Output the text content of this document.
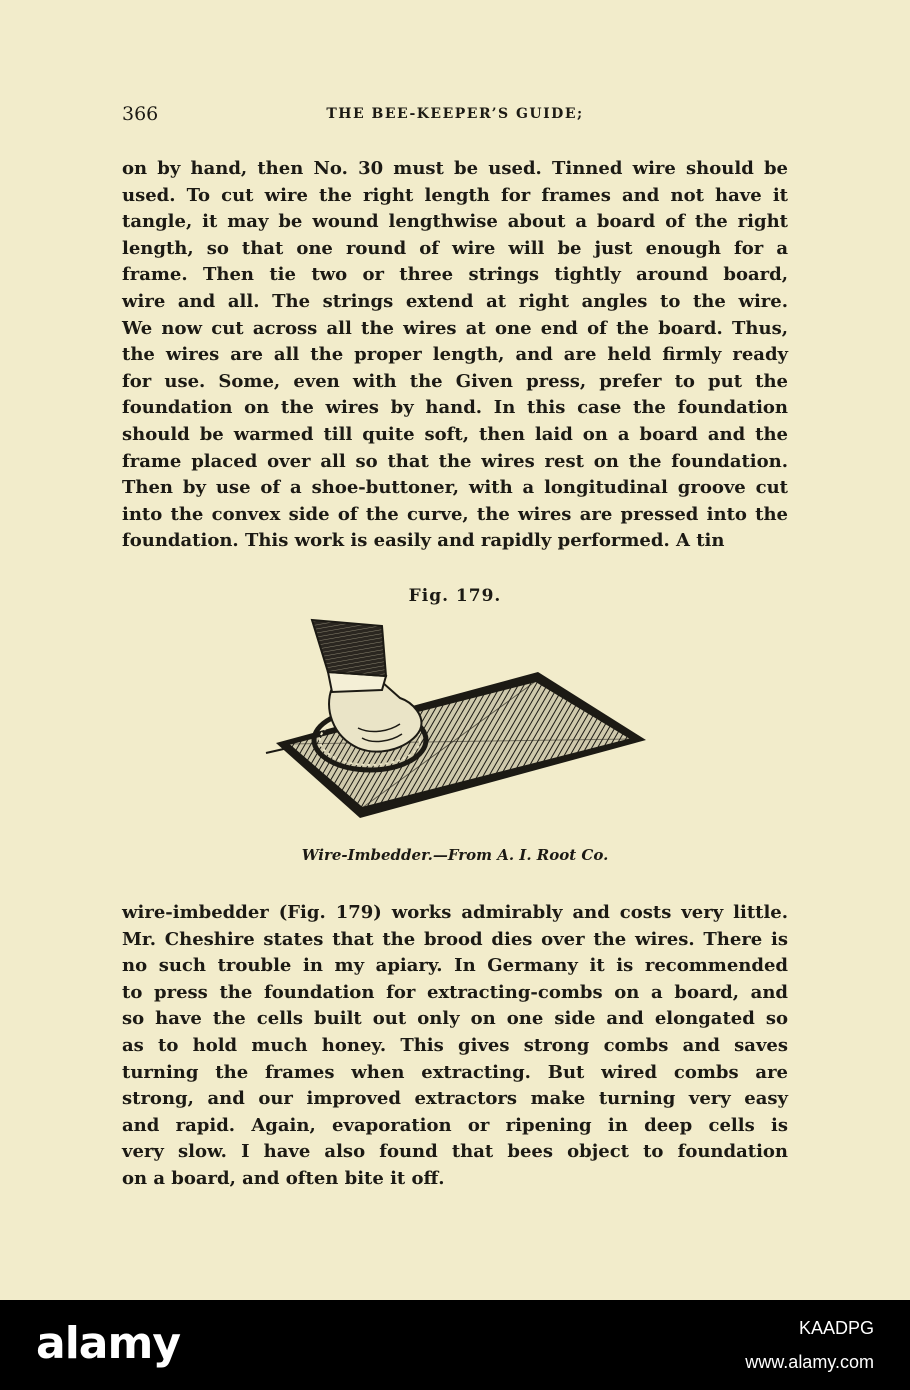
366	THE BEE-KEEPER’S GUIDE;
on by hand, then No. 30 must be used. Tinned wire should be
used. To cut wire the right length for frames and not have it
tangle, it may be wound lengthwise about a board of the right
length, so that one round of wire will be just enough for a
frame. Then tie two or three strings tightly around board,
wire and all. The strings extend at right angles to the wire.
We now cut across all the wires at one end of the board. Thus,
the wires are all the proper length, and are held firmly ready
for use. Some, even with the Given press, prefer to put the
foundation on the wires by hand. In this case the foundation
should be warmed till quite soft, then laid on a board and the
frame placed over all so that the wires rest on the foundation.
Then by use of a shoe-buttoner, with a longitudinal groove cut
into the convex side of the curve, the wires are pressed into the
foundation. This work is easily and rapidly performed. A tin
Fig. 179.
Wire-Imbedder.—From A. I. Root Co.
wire-imbedder (Fig. 179) works admirably and costs very little.
Mr. Cheshire states that the brood dies over the wires. There is
no such trouble in my apiary. In Germany it is recommended
to press the foundation for extracting-combs on a board, and
so have the cells built out only on one side and elongated so
as to hold much honey. This gives strong combs and saves
turning the frames when extracting. But wired combs are
strong, and our improved extractors make turning very easy
and rapid. Again, evaporation or ripening in deep cells is
very slow. I have also found that bees object to foundation
on a board, and often bite it off.
alamy	KAADPG
www.alamy.com
